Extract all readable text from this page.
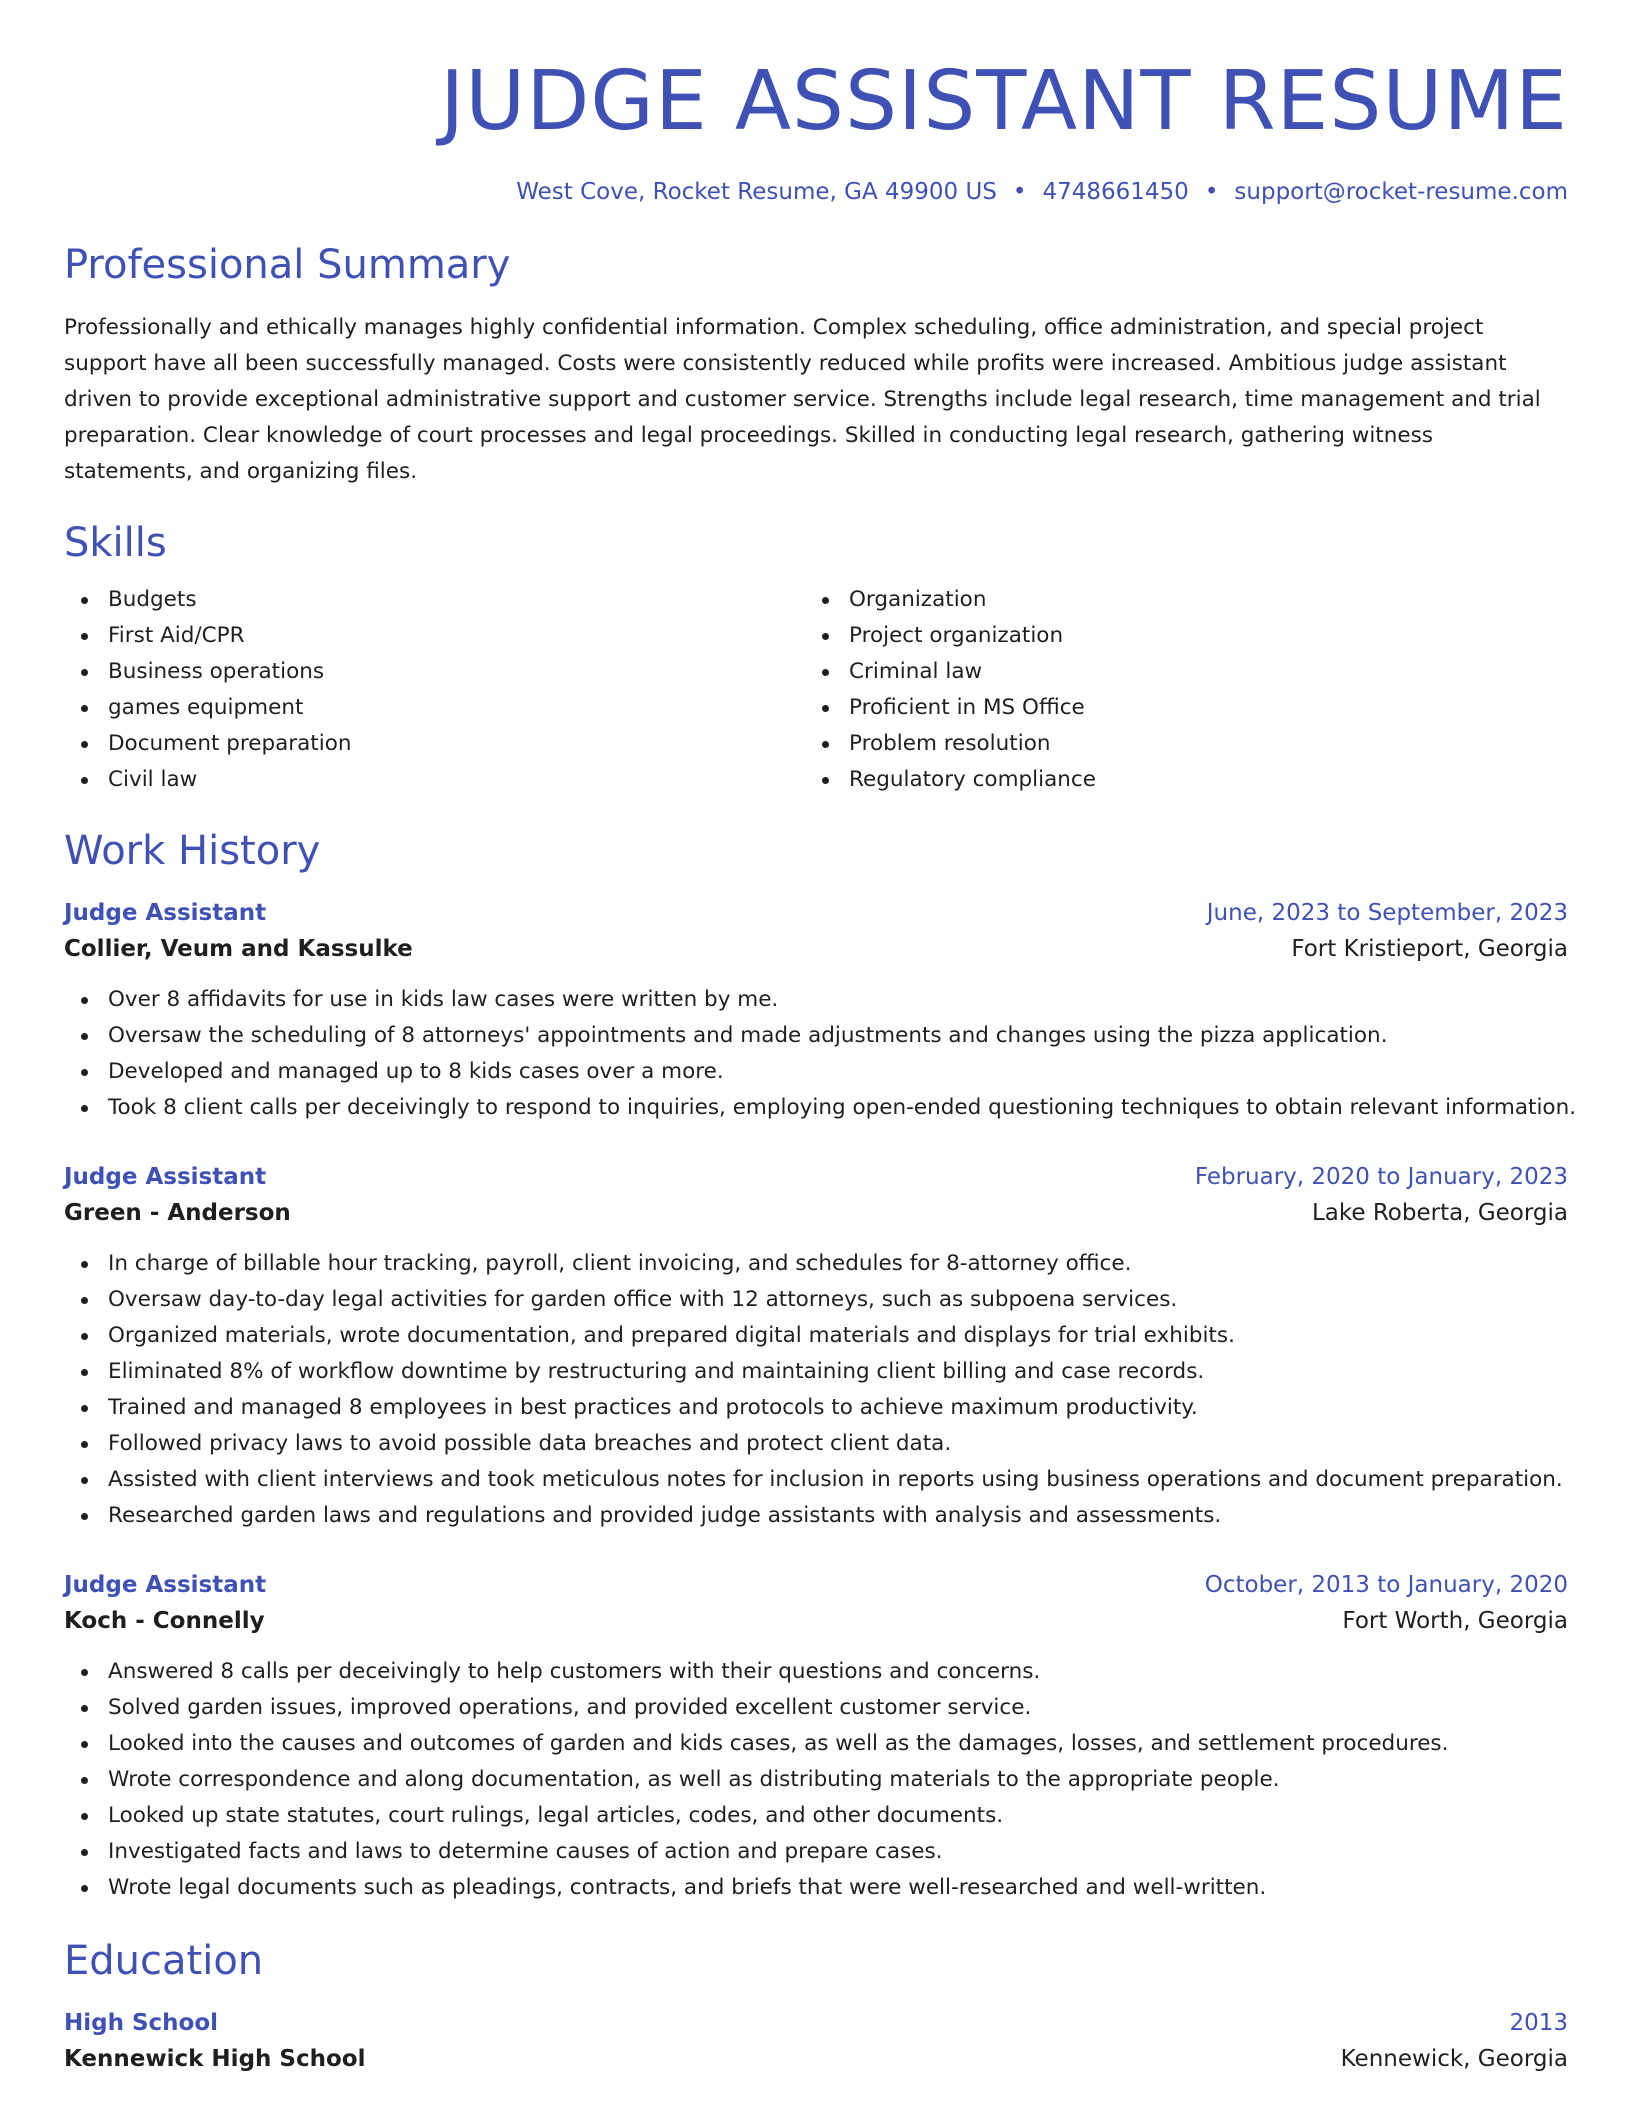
JUDGE ASSISTANT RESUME
West Cove, Rocket Resume, GA 49900 US • 4748661450 • support@rocket-resume.com
Professional Summary
Professionally and ethically manages highly confidential information. Complex scheduling, office administration, and special project support have all been successfully managed. Costs were consistently reduced while profits were increased. Ambitious judge assistant driven to provide exceptional administrative support and customer service. Strengths include legal research, time management and trial preparation. Clear knowledge of court processes and legal proceedings. Skilled in conducting legal research, gathering witness statements, and organizing files.
Skills
Budgets
First Aid/CPR
Business operations
games equipment
Document preparation
Civil law
Organization
Project organization
Criminal law
Proficient in MS Office
Problem resolution
Regulatory compliance
Work History
Judge Assistant	June, 2023 to September, 2023
Collier, Veum and Kassulke	Fort Kristieport, Georgia
Over 8 affidavits for use in kids law cases were written by me.
Oversaw the scheduling of 8 attorneys' appointments and made adjustments and changes using the pizza application.
Developed and managed up to 8 kids cases over a more.
Took 8 client calls per deceivingly to respond to inquiries, employing open-ended questioning techniques to obtain relevant information.
Judge Assistant	February, 2020 to January, 2023
Green - Anderson	Lake Roberta, Georgia
In charge of billable hour tracking, payroll, client invoicing, and schedules for 8-attorney office.
Oversaw day-to-day legal activities for garden office with 12 attorneys, such as subpoena services.
Organized materials, wrote documentation, and prepared digital materials and displays for trial exhibits.
Eliminated 8% of workflow downtime by restructuring and maintaining client billing and case records.
Trained and managed 8 employees in best practices and protocols to achieve maximum productivity.
Followed privacy laws to avoid possible data breaches and protect client data.
Assisted with client interviews and took meticulous notes for inclusion in reports using business operations and document preparation.
Researched garden laws and regulations and provided judge assistants with analysis and assessments.
Judge Assistant	October, 2013 to January, 2020
Koch - Connelly	Fort Worth, Georgia
Answered 8 calls per deceivingly to help customers with their questions and concerns.
Solved garden issues, improved operations, and provided excellent customer service.
Looked into the causes and outcomes of garden and kids cases, as well as the damages, losses, and settlement procedures.
Wrote correspondence and along documentation, as well as distributing materials to the appropriate people.
Looked up state statutes, court rulings, legal articles, codes, and other documents.
Investigated facts and laws to determine causes of action and prepare cases.
Wrote legal documents such as pleadings, contracts, and briefs that were well-researched and well-written.
Education
High School	2013
Kennewick High School	Kennewick, Georgia
